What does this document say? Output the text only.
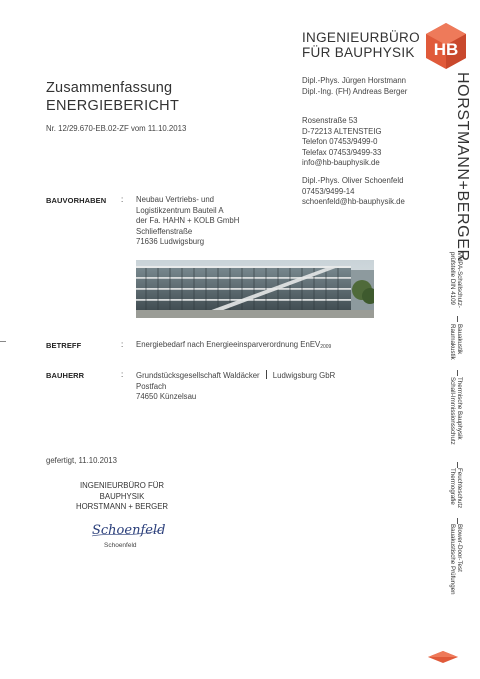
INGENIEURBÜRO
FÜR BAUPHYSIK
Dipl.-Phys. Jürgen Horstmann
Dipl.-Ing. (FH) Andreas Berger
Rosenstraße 53
D-72213 ALTENSTEIG
Telefon 07453/9499-0
Telefax 07453/9499-33
info@hb-bauphysik.de
Dipl.-Phys. Oliver Schoenfeld
07453/9499-14
schoenfeld@hb-bauphysik.de
HB
HORSTMANN+BERGER
VMPA-Schallschutz-
prüfstelle DIN 4109
Bauakustik
Raumakustik
Thermische Bauphysik
Schall-Immissionsschutz
Feuchteschutz
Thermografie
Blower-Door-Test
Bauakustische Prüfungen
Zusammenfassung
ENERGIEBERICHT
Nr. 12/29.670-EB.02-ZF vom 11.10.2013
BAUVORHABEN : Neubau Vertriebs- und
Logistikzentrum Bauteil A
der Fa. HAHN + KOLB GmbH
Schlieffenstraße
71636 Ludwigsburg
BETREFF	: Energiebedarf nach Energieeinsparverordnung EnEV2009
BAUHERR	: Grundstücksgesellschaft Waldäcker Ludwigsburg GbR
Postfach
74650 Künzelsau
gefertigt, 11.10.2013
INGENIEURBÜRO FÜR BAUPHYSIK
HORSTMANN + BERGER
Schoenfeld
Schoenfeld
